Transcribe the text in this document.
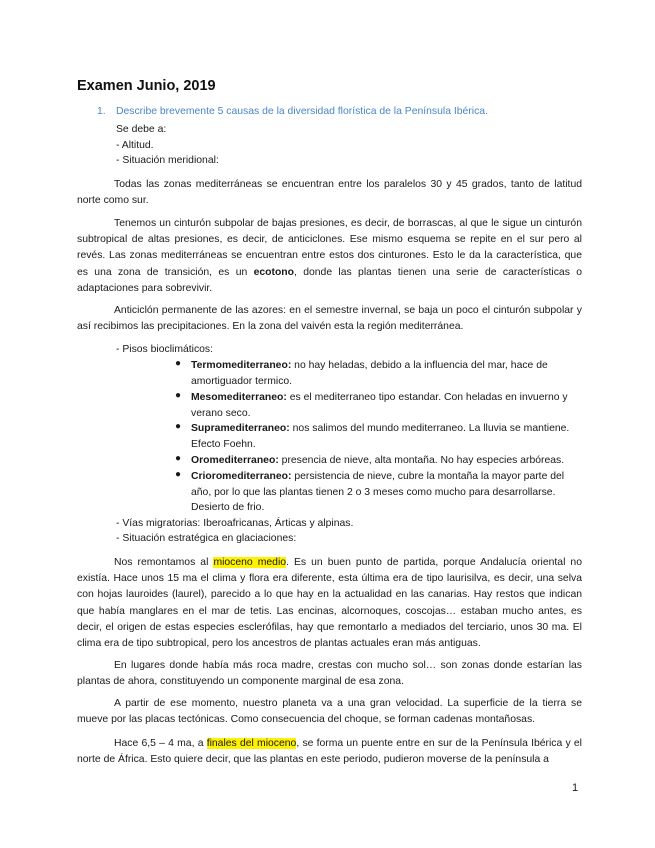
Examen Junio, 2019
1. Describe brevemente 5 causas de la diversidad florística de la Península Ibérica.
Se debe a:
- Altitud.
- Situación meridional:
Todas las zonas mediterráneas se encuentran entre los paralelos 30 y 45 grados, tanto de latitud norte como sur.
Tenemos un cinturón subpolar de bajas presiones, es decir, de borrascas, al que le sigue un cinturón subtropical de altas presiones, es decir, de anticiclones. Ese mismo esquema se repite en el sur pero al revés. Las zonas mediterráneas se encuentran entre estos dos cinturones. Esto le da la característica, que es una zona de transición, es un ecotono, donde las plantas tienen una serie de características o adaptaciones para sobrevivir.
Anticiclón permanente de las azores: en el semestre invernal, se baja un poco el cinturón subpolar y así recibimos las precipitaciones. En la zona del vaivén esta la región mediterránea.
- Pisos bioclimáticos:
● Termomediterraneo: no hay heladas, debido a la influencia del mar, hace de amortiguador termico.
● Mesomediterraneo: es el mediterraneo tipo estandar. Con heladas en invuerno y verano seco.
● Supramediterraneo: nos salimos del mundo mediterraneo. La lluvia se mantiene. Efecto Foehn.
● Oromediterraneo: presencia de nieve, alta montaña. No hay especies arbóreas.
● Crioromediterraneo: persistencia de nieve, cubre la montaña la mayor parte del año, por lo que las plantas tienen 2 o 3 meses como mucho para desarrollarse. Desierto de frio.
- Vías migratorias: Iberoafricanas, Árticas y alpinas.
- Situación estratégica en glaciaciones:
Nos remontamos al mioceno medio. Es un buen punto de partida, porque Andalucía oriental no existía. Hace unos 15 ma el clima y flora era diferente, esta última era de tipo laurisilva, es decir, una selva con hojas lauroides (laurel), parecido a lo que hay en la actualidad en las canarias. Hay restos que indican que había manglares en el mar de tetis. Las encinas, alcornoques, coscojas… estaban mucho antes, es decir, el origen de estas especies esclerófilas, hay que remontarlo a mediados del terciario, unos 30 ma. El clima era de tipo subtropical, pero los ancestros de plantas actuales eran más antiguas.
En lugares donde había más roca madre, crestas con mucho sol… son zonas donde estarían las plantas de ahora, constituyendo un componente marginal de esa zona.
A partir de ese momento, nuestro planeta va a una gran velocidad. La superficie de la tierra se mueve por las placas tectónicas. Como consecuencia del choque, se forman cadenas montañosas.
Hace 6,5 – 4 ma, a finales del mioceno, se forma un puente entre en sur de la Península Ibérica y el norte de África. Esto quiere decir, que las plantas en este periodo, pudieron moverse de la península a
1
